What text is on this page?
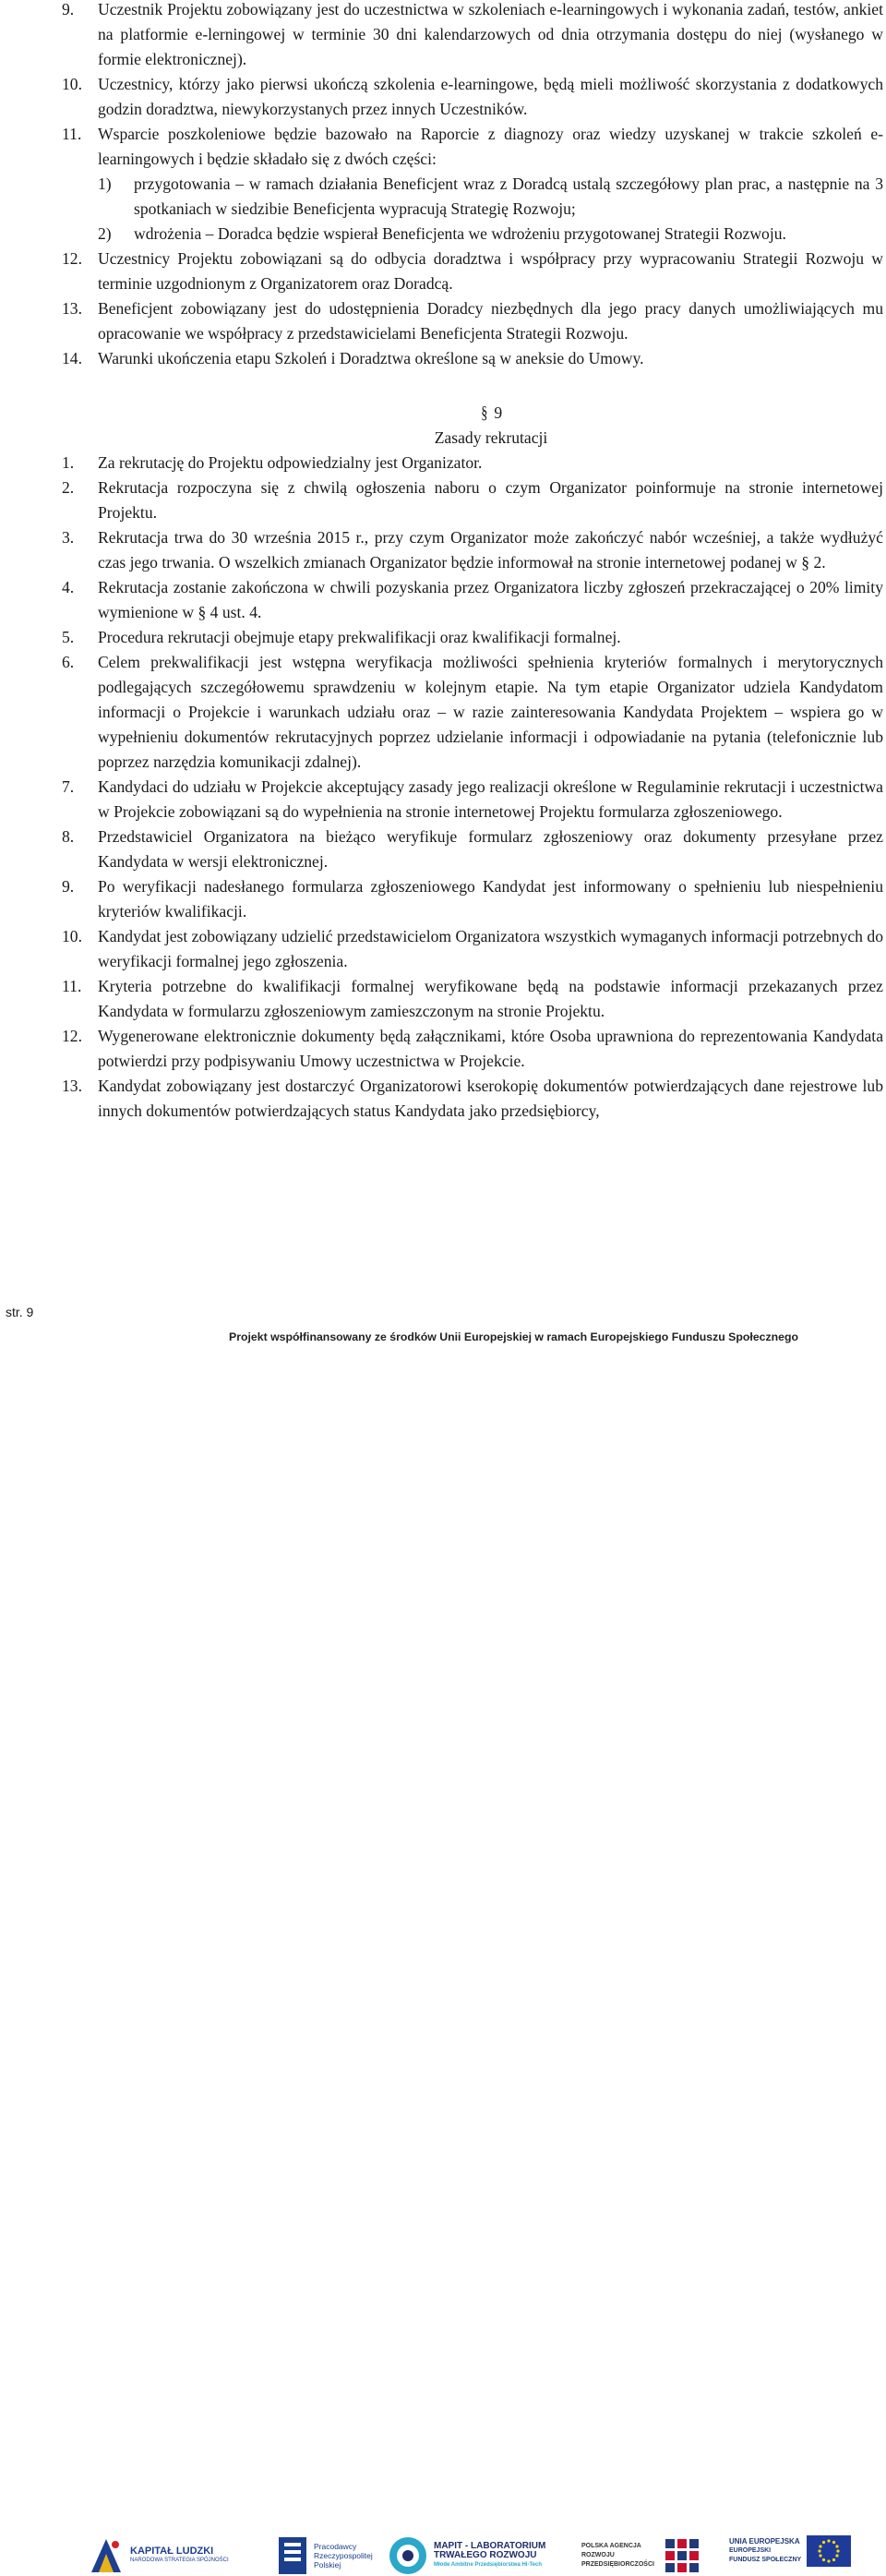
9.	Uczestnik Projektu zobowiązany jest do uczestnictwa w szkoleniach e-learningowych i wykonania zadań, testów, ankiet na platformie e-lerningowej w terminie 30 dni kalendarzowych od dnia otrzymania dostępu do niej (wysłanego w formie elektronicznej).
10. Uczestnicy, którzy jako pierwsi ukończą szkolenia e-learningowe, będą mieli możliwość skorzystania z dodatkowych godzin doradztwa, niewykorzystanych przez innych Uczestników.
11.	Wsparcie poszkoleniowe będzie bazowało na Raporcie z diagnozy oraz wiedzy uzyskanej w trakcie szkoleń e-learningowych i będzie składało się z dwóch części:
1)	przygotowania – w ramach działania Beneficjent wraz z Doradcą ustalą szczegółowy plan prac, a następnie na 3 spotkaniach w siedzibie Beneficjenta wypracują Strategię Rozwoju;
2)	wdrożenia – Doradca będzie wspierał Beneficjenta we wdrożeniu przygotowanej Strategii Rozwoju.
12. Uczestnicy Projektu zobowiązani są do odbycia doradztwa i współpracy przy wypracowaniu Strategii Rozwoju w terminie uzgodnionym z Organizatorem oraz Doradcą.
13. Beneficjent zobowiązany jest do udostępnienia Doradcy niezbędnych dla jego pracy danych umożliwiających mu opracowanie we współpracy z przedstawicielami Beneficjenta Strategii Rozwoju.
14. Warunki ukończenia etapu Szkoleń i Doradztwa określone są w aneksie do Umowy.
§ 9
Zasady rekrutacji
1.	Za rekrutację do Projektu odpowiedzialny jest Organizator.
2.	Rekrutacja rozpoczyna się z chwilą ogłoszenia naboru o czym Organizator poinformuje na stronie internetowej Projektu.
3.	Rekrutacja trwa do 30 września 2015 r., przy czym Organizator może zakończyć nabór wcześniej, a także wydłużyć czas jego trwania. O wszelkich zmianach Organizator będzie informował na stronie internetowej podanej w § 2.
4.	Rekrutacja zostanie zakończona w chwili pozyskania przez Organizatora liczby zgłoszeń przekraczającej o 20% limity wymienione w § 4 ust. 4.
5.	Procedura rekrutacji obejmuje etapy prekwalifikacji oraz kwalifikacji formalnej.
6.	Celem prekwalifikacji jest wstępna weryfikacja możliwości spełnienia kryteriów formalnych i merytorycznych podlegających szczegółowemu sprawdzeniu w kolejnym etapie. Na tym etapie Organizator udziela Kandydatom informacji o Projekcie i warunkach udziału oraz – w razie zainteresowania Kandydata Projektem – wspiera go w wypełnieniu dokumentów rekrutacyjnych poprzez udzielanie informacji i odpowiadanie na pytania (telefonicznie lub poprzez narzędzia komunikacji zdalnej).
7.	Kandydaci do udziału w Projekcie akceptujący zasady jego realizacji określone w Regulaminie rekrutacji i uczestnictwa w Projekcie zobowiązani są do wypełnienia na stronie internetowej Projektu formularza zgłoszeniowego.
8.	Przedstawiciel Organizatora na bieżąco weryfikuje formularz zgłoszeniowy oraz dokumenty przesyłane przez Kandydata w wersji elektronicznej.
9.	Po weryfikacji nadesłanego formularza zgłoszeniowego Kandydat jest informowany o spełnieniu lub niespełnieniu kryteriów kwalifikacji.
10. Kandydat jest zobowiązany udzielić przedstawicielom Organizatora wszystkich wymaganych informacji potrzebnych do weryfikacji formalnej jego zgłoszenia.
11.	Kryteria potrzebne do kwalifikacji formalnej weryfikowane będą na podstawie informacji przekazanych przez Kandydata w formularzu zgłoszeniowym zamieszczonym na stronie Projektu.
12. Wygenerowane elektronicznie dokumenty będą załącznikami, które Osoba uprawniona do reprezentowania Kandydata potwierdzi przy podpisywaniu Umowy uczestnictwa w Projekcie.
13. Kandydat zobowiązany jest dostarczyć Organizatorowi kserokopię dokumentów potwierdzających dane rejestrowe lub innych dokumentów potwierdzających status Kandydata jako przedsiębiorcy,
str. 9
KAPITAŁ LUDZKI
NARODOWA STRATEGIA SPÓJNOŚCI
Pracodawcy
Rzeczypospolitej
Polskiej
MAPIT - LABORATORIUM
TRWAŁEGO ROZWOJU
Młode Ambitne Przedsiębiorstwa Hi-Tech
POLSKA AGENCJA
ROZWOJU
PRZEDSIĘBIORCZOŚCI
UNIA EUROPEJSKA
EUROPEJSKI
FUNDUSZ SPOŁECZNY
Projekt współfinansowany ze środków Unii Europejskiej w ramach Europejskiego Funduszu Społecznego
